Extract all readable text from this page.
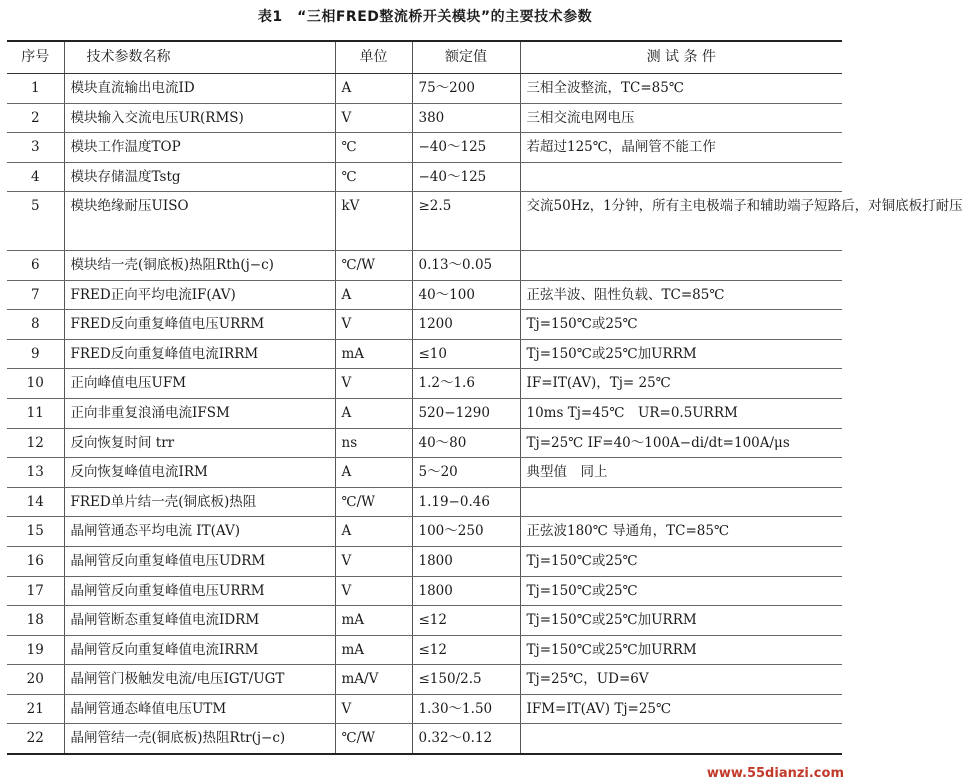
表1　“三相FRED整流桥开关模块”的主要技术参数
序号	技术参数名称	单位	额定值	测 试 条 件
1	模块直流输出电流ID	A	75～200	三相全波整流，TC=85℃
2	模块输入交流电压UR(RMS)	V	380	三相交流电网电压
3	模块工作温度TOP	℃	−40～125	若超过125℃，晶闸管不能工作
4	模块存储温度Tstg	℃	−40～125	
5	模块绝缘耐压UISO	kV	≥2.5	交流50Hz，1分钟，所有主电极端子和辅助端子短路后，对铜底板打耐压
6	模块结一壳(铜底板)热阻Rth(j−c)	℃/W	0.13～0.05	
7	FRED正向平均电流IF(AV)	A	40～100	正弦半波、阻性负载、TC=85℃
8	FRED反向重复峰值电压URRM	V	1200	Tj=150℃或25℃
9	FRED反向重复峰值电流IRRM	mA	≤10	Tj=150℃或25℃加URRM
10	正向峰值电压UFM	V	1.2～1.6	IF=IT(AV)，Tj= 25℃
11	正向非重复浪涌电流IFSM	A	520−1290	10ms Tj=45℃　UR=0.5URRM
12	反向恢复时间 trr	ns	40～80	Tj=25℃ IF=40～100A−di/dt=100A/μs
13	反向恢复峰值电流IRM	A	5～20	典型值　同上
14	FRED单片结一壳(铜底板)热阻	℃/W	1.19−0.46	
15	晶闸管通态平均电流 IT(AV)	A	100～250	正弦波180℃ 导通角，TC=85℃
16	晶闸管反向重复峰值电压UDRM	V	1800	Tj=150℃或25℃
17	晶闸管反向重复峰值电压URRM	V	1800	Tj=150℃或25℃
18	晶闸管断态重复峰值电流IDRM	mA	≤12	Tj=150℃或25℃加URRM
19	晶闸管反向重复峰值电流IRRM	mA	≤12	Tj=150℃或25℃加URRM
20	晶闸管门极触发电流/电压IGT/UGT	mA/V	≤150/2.5	Tj=25℃，UD=6V
21	晶闸管通态峰值电压UTM	V	1.30～1.50	IFM=IT(AV) Tj=25℃
22	晶闸管结一壳(铜底板)热阻Rtr(j−c)	℃/W	0.32～0.12	
www.55dianzi.com
